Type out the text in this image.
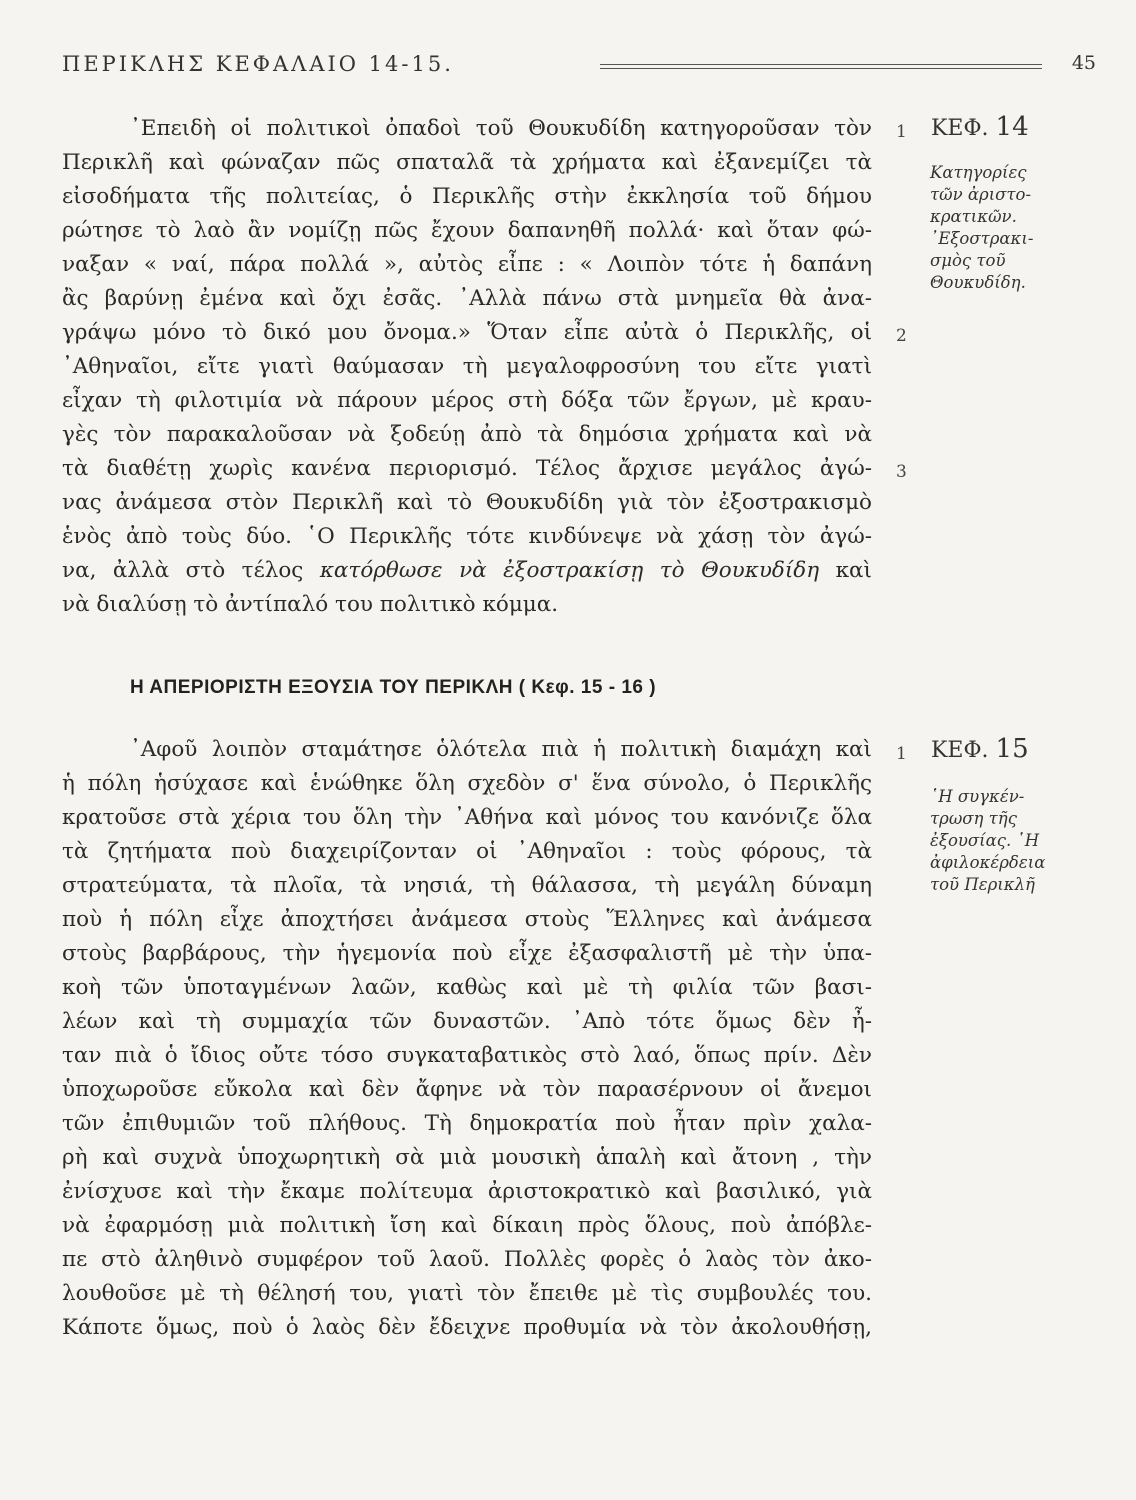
ΠΕΡΙΚΛΗΣ ΚΕΦΑΛΑΙΟ 14-15.	45
᾿Επειδὴ οἱ πολιτικοὶ ὀπαδοὶ τοῦ Θουκυδίδη κατηγοροῦσαν τὸν
Περικλῆ καὶ φώναζαν πῶς σπαταλᾶ τὰ χρήματα καὶ ἐξανεμίζει τὰ
εἰσοδήματα τῆς πολιτείας, ὁ Περικλῆς στὴν ἐκκλησία τοῦ δήμου
ρώτησε τὸ λαὸ ἂν νομίζῃ πῶς ἔχουν δαπανηθῆ πολλά· καὶ ὅταν φώ-
ναξαν « ναί, πάρα πολλά », αὐτὸς εἶπε : « Λοιπὸν τότε ἡ δαπάνη
ἂς βαρύνῃ ἐμένα καὶ ὄχι ἐσᾶς. ᾿Αλλὰ πάνω στὰ μνημεῖα θὰ ἀνα-
γράψω μόνο τὸ δικό μου ὄνομα.» Ὅταν εἶπε αὐτὰ ὁ Περικλῆς, οἱ
᾿Αθηναῖοι, εἴτε γιατὶ θαύμασαν τὴ μεγαλοφροσύνη του εἴτε γιατὶ
εἶχαν τὴ φιλοτιμία νὰ πάρουν μέρος στὴ δόξα τῶν ἔργων, μὲ κραυ-
γὲς τὸν παρακαλοῦσαν νὰ ξοδεύῃ ἀπὸ τὰ δημόσια χρήματα καὶ νὰ
τὰ διαθέτῃ χωρὶς κανένα περιορισμό. Τέλος ἄρχισε μεγάλος ἀγώ-
νας ἀνάμεσα στὸν Περικλῆ καὶ τὸ Θουκυδίδη γιὰ τὸν ἐξοστρακισμὸ
ἑνὸς ἀπὸ τοὺς δύο. ῾Ο Περικλῆς τότε κινδύνεψε νὰ χάσῃ τὸν ἀγώ-
να, ἀλλὰ στὸ τέλος κατόρθωσε νὰ ἐξοστρακίσῃ τὸ Θουκυδίδη καὶ
νὰ διαλύσῃ τὸ ἀντίπαλό του πολιτικὸ κόμμα.
1
2
3
ΚΕΦ. 14
Κατηγορίες
τῶν ἀριστο-
κρατικῶν.
᾿Εξοστρακι-
σμὸς τοῦ
Θουκυδίδη.
Η ΑΠΕΡΙΟΡΙΣΤΗ ΕΞΟΥΣΙΑ ΤΟΥ ΠΕΡΙΚΛΗ ( Κεφ. 15 - 16 )
᾿Αφοῦ λοιπὸν σταμάτησε ὁλότελα πιὰ ἡ πολιτικὴ διαμάχη καὶ
ἡ πόλη ἡσύχασε καὶ ἑνώθηκε ὅλη σχεδὸν σ' ἕνα σύνολο, ὁ Περικλῆς
κρατοῦσε στὰ χέρια του ὅλη τὴν ᾿Αθήνα καὶ μόνος του κανόνιζε ὅλα
τὰ ζητήματα ποὺ διαχειρίζονταν οἱ ᾿Αθηναῖοι : τοὺς φόρους, τὰ
στρατεύματα, τὰ πλοῖα, τὰ νησιά, τὴ θάλασσα, τὴ μεγάλη δύναμη
ποὺ ἡ πόλη εἶχε ἀποχτήσει ἀνάμεσα στοὺς Ἕλληνες καὶ ἀνάμεσα
στοὺς βαρβάρους, τὴν ἡγεμονία ποὺ εἶχε ἐξασφαλιστῆ μὲ τὴν ὑπα-
κοὴ τῶν ὑποταγμένων λαῶν, καθὼς καὶ μὲ τὴ φιλία τῶν βασι-
λέων καὶ τὴ συμμαχία τῶν δυναστῶν. ᾿Απὸ τότε ὅμως δὲν ἦ-
ταν πιὰ ὁ ἴδιος οὔτε τόσο συγκαταβατικὸς στὸ λαό, ὅπως πρίν. Δὲν
ὑποχωροῦσε εὔκολα καὶ δὲν ἄφηνε νὰ τὸν παρασέρνουν οἱ ἄνεμοι
τῶν ἐπιθυμιῶν τοῦ πλήθους. Τὴ δημοκρατία ποὺ ἦταν πρὶν χαλα-
ρὴ καὶ συχνὰ ὑποχωρητικὴ σὰ μιὰ μουσικὴ ἁπαλὴ καὶ ἄτονη , τὴν
ἐνίσχυσε καὶ τὴν ἔκαμε πολίτευμα ἀριστοκρατικὸ καὶ βασιλικό, γιὰ
νὰ ἐφαρμόσῃ μιὰ πολιτικὴ ἴση καὶ δίκαιη πρὸς ὅλους, ποὺ ἀπόβλε-
πε στὸ ἀληθινὸ συμφέρον τοῦ λαοῦ. Πολλὲς φορὲς ὁ λαὸς τὸν ἀκο-
λουθοῦσε μὲ τὴ θέλησή του, γιατὶ τὸν ἔπειθε μὲ τὶς συμβουλές του.
Κάποτε ὅμως, ποὺ ὁ λαὸς δὲν ἔδειχνε προθυμία νὰ τὸν ἀκολουθήσῃ,
1 ΚΕΦ. 15
῾Η συγκέν-
τρωση τῆς
ἐξουσίας. ῾Η
ἀφιλοκέρδεια
τοῦ Περικλῆ
